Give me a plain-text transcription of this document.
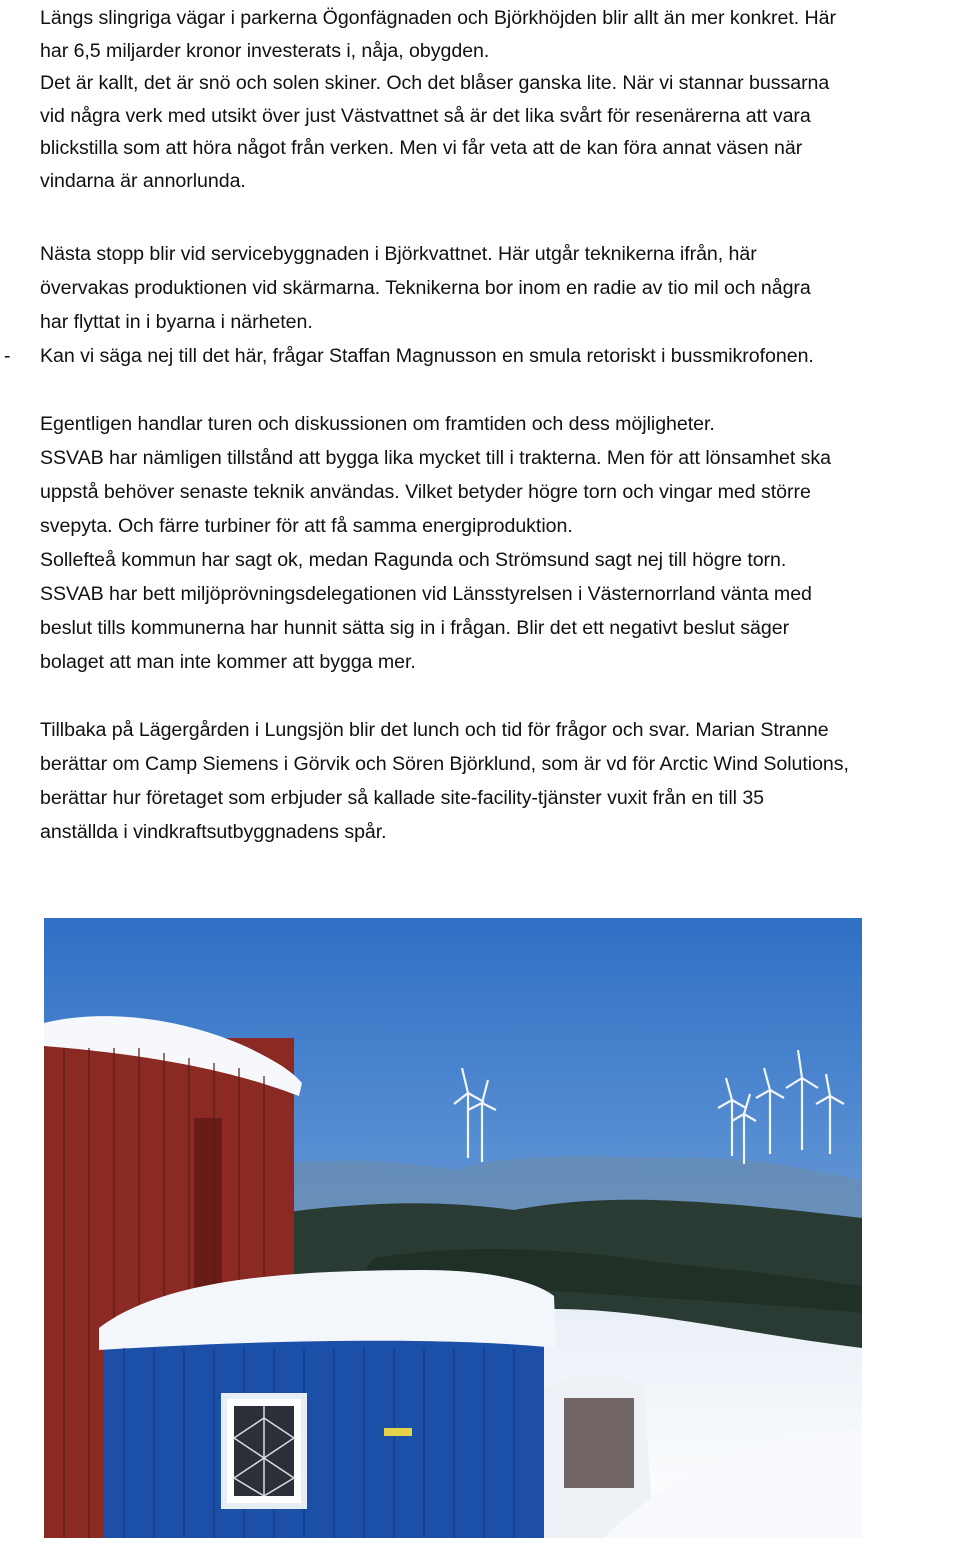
Längs slingriga vägar i parkerna Ögonfägnaden och Björkhöjden blir allt än mer konkret. Här
har 6,5 miljarder kronor investerats i, nåja, obygden.
Det är kallt, det är snö och solen skiner. Och det blåser ganska lite. När vi stannar bussarna
vid några verk med utsikt över just Västvattnet så är det lika svårt för resenärerna att vara
blickstilla som att höra något från verken. Men vi får veta att de kan föra annat väsen när
vindarna är annorlunda.

Nästa stopp blir vid servicebyggnaden i Björkvattnet. Här utgår teknikerna ifrån, här
övervakas produktionen vid skärmarna. Teknikerna bor inom en radie av tio mil och några
har flyttat in i byarna i närheten.

- Kan vi säga nej till det här, frågar Staffan Magnusson en smula retoriskt i bussmikrofonen.

Egentligen handlar turen och diskussionen om framtiden och dess möjligheter.
SSVAB har nämligen tillstånd att bygga lika mycket till i trakterna. Men för att lönsamhet ska
uppstå behöver senaste teknik användas. Vilket betyder högre torn och vingar med större
svepyta. Och färre turbiner för att få samma energiproduktion.
Sollefteå kommun har sagt ok, medan Ragunda och Strömsund sagt nej till högre torn.
SSVAB har bett miljöprövningsdelegationen vid Länsstyrelsen i Västernorrland vänta med
beslut tills kommunerna har hunnit sätta sig in i frågan. Blir det ett negativt beslut säger
bolaget att man inte kommer att bygga mer.

Tillbaka på Lägergården i Lungsjön blir det lunch och tid för frågor och svar. Marian Stranne
berättar om Camp Siemens i Görvik och Sören Björklund, som är vd för Arctic Wind Solutions,
berättar hur företaget som erbjuder så kallade site-facility-tjänster vuxit från en till 35
anställda i vindkraftsutbyggnadens spår.
